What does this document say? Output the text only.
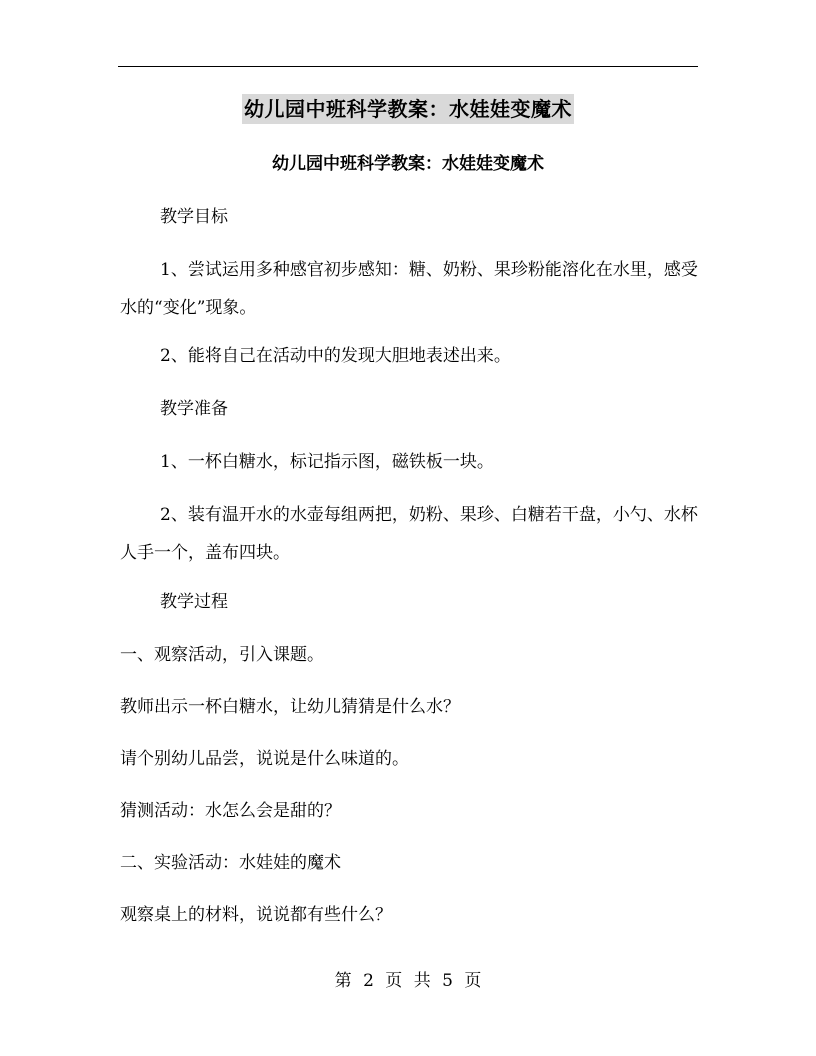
幼儿园中班科学教案：水娃娃变魔术
幼儿园中班科学教案：水娃娃变魔术
教学目标
1、尝试运用多种感官初步感知：糖、奶粉、果珍粉能溶化在水里，感受水的“变化”现象。
2、能将自己在活动中的发现大胆地表述出来。
教学准备
1、一杯白糖水，标记指示图，磁铁板一块。
2、装有温开水的水壶每组两把，奶粉、果珍、白糖若干盘，小勺、水杯人手一个，盖布四块。
教学过程
一、观察活动，引入课题。
教师出示一杯白糖水，让幼儿猜猜是什么水？
请个别幼儿品尝，说说是什么味道的。
猜测活动：水怎么会是甜的？
二、实验活动：水娃娃的魔术
观察桌上的材料，说说都有些什么？
第 2 页 共 5 页
